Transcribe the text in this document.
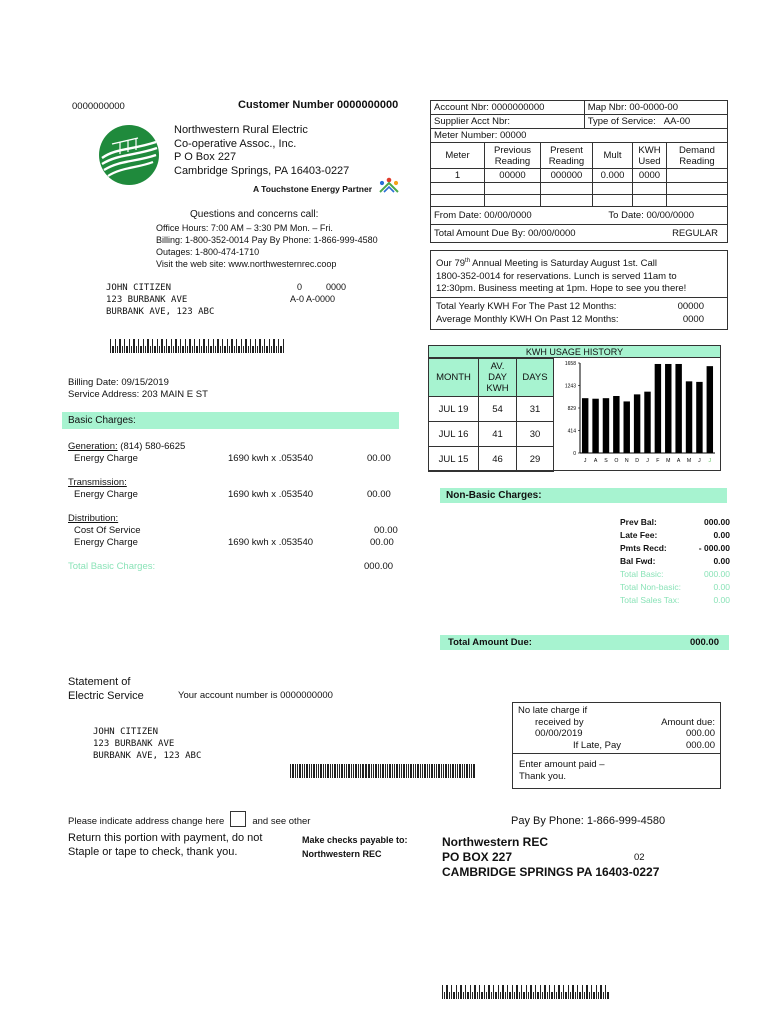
0000000000	Customer Number 0000000000
Northwestern Rural Electric
Co-operative Assoc., Inc.
P O Box 227
Cambridge Springs, PA 16403-0227
A Touchstone Energy Partner
Questions and concerns call:
Office Hours: 7:00 AM – 3:30 PM Mon. – Fri.
Billing: 1-800-352-0014 Pay By Phone: 1-866-999-4580
Outages: 1-800-474-1710
Visit the web site: www.northwesternrec.coop
JOHN CITIZEN
123 BURBANK AVE
BURBANK AVE, 123 ABC
0	0000
A-0 A-0000
Account Nbr: 0000000000	Map Nbr: 00-0000-00
Supplier Acct Nbr:	Type of Service: AA-00
Meter Number: 00000	
Meter	Previous Reading	Present Reading	Mult	KWH Used	Demand Reading
1	00000	000000	0.000	0000	

From Date: 00/00/0000	To Date: 00/00/0000

Total Amount Due By: 00/00/0000	REGULAR
Our 79th Annual Meeting is Saturday August 1st. Call
1800-352-0014 for reservations. Lunch is served 11am to
12:30pm. Business meeting at 1pm. Hope to see you there!
Total Yearly KWH For The Past 12 Months:	00000
Average Monthly KWH On Past 12 Months:	0000
KWH USAGE HISTORY
MONTH	AV. DAY KWH	DAYS
JUL 19	54	31
JUL 16	41	30
JUL 15	46	29	0
414
829
1243
1658
J A S O N D J F M A M J J
Billing Date: 09/15/2019
Service Address: 203 MAIN E ST
Basic Charges:
Generation: (814) 580-6625
Energy Charge	1690 kwh x .053540	00.00
Transmission:
Energy Charge	1690 kwh x .053540	00.00
Distribution:
Cost Of Service	00.00
Energy Charge	1690 kwh x .053540	00.00
Total Basic Charges:	000.00
Non-Basic Charges:
Prev Bal:	000.00
Late Fee:	0.00
Pmts Recd:	- 000.00
Bal Fwd:	0.00
Total Basic:	000.00
Total Non-basic:	0.00
Total Sales Tax:	0.00
Total Amount Due:	000.00
Statement of
Electric Service	Your account number is 0000000000
JOHN CITIZEN
123 BURBANK AVE
BURBANK AVE, 123 ABC
No late charge if
received by	Amount due:
00/00/2019	000.00
If Late, Pay	000.00
Enter amount paid –
Thank you.
Please indicate address change here	and see other
Return this portion with payment, do not
Staple or tape to check, thank you.
Make checks payable to:
Northwestern REC
Pay By Phone: 1-866-999-4580
Northwestern REC
PO BOX 227
CAMBRIDGE SPRINGS PA 16403-0227
02
